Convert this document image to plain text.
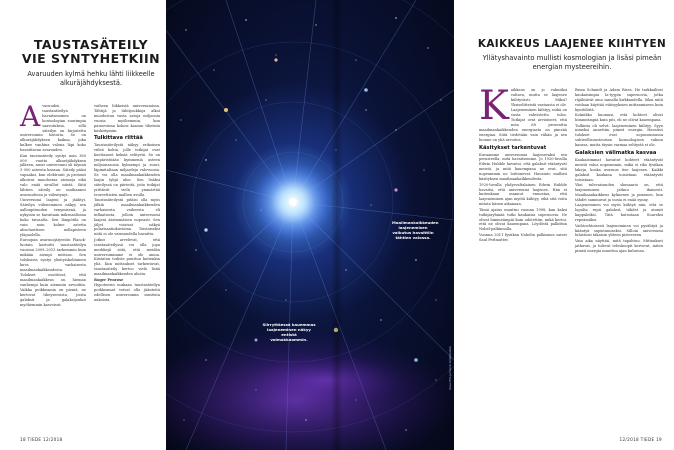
TAUSTASÄTEILY VIE SYNTYHETKIIN
Avaruuden kylmä hehku lähti liikkeelle alkuräjähdyksestä.
A varuuden taustasäteilyn havaitseminen on kosmologian suurimpia saavutuksia, sillä säteilyn on kirjoitettu universumin historia. Se on alkuräjähdyksen kaikua, joka kulkee vanhina valona läpi koko havaittavan avaruuden.
Kun taustasäteily syntyi noin 380 000 vuotta alkuräjähdyksen jälkeen, nuori universumi oli täynnä 3 000 asteista kaasua. Säteily pääsi vapaaksi, kun elektronit ja protonit alkoivat muodostaa atomeja eikä valo enää siroillut niistä. Siitä lähtien säteily on matkannut avaruudessa ja viilentynyt.
Universumi laajeni ja jäähtyi. Säteilyn viileneminen näkyy sen aallonpituuden venymisenä, ja nykyisin se havaitaan mikroaaltoina koko taivaalta. Sen lämpötila on vain noin kolme astetta absoluuttisen nollapisteen yläpuolella.
Euroopan avaruusjärjestön Planck-luotain kartoitti taustasäteilyn vuosina 2009–2013 tarkemmin kuin mikään aiempi mittaus. Sen tuloksista syntyi yksityiskohtainen kuva varhaisesta maailmankaikkeudesta.
Tulokset osoittivat, että maailmankaikkeus on hieman vanhempi kuin aiemmin arvioitiin. Vaikka poikkeamia on pieniä, ne kertovat tiheyseroista, joista galaksit ja galaksijoukot myöhemmin kasvoivat.
vaiheen liikkeistä universumissa. Tähtijä ja tähtijoukkoja alkoi muodostua vasta satoja miljoonia vuosia myöhemmin, kun painovoima kokosi kaasun tiheisiin keskittymiin.
Tulkittava riittää
Taustasäteilystä näkyy erikoinen viileä kohta, jolle tutkijat ovat koettaneet keksiä selitystä. Se on ympäristöään kymmeniä asteen miljoonasosia kylmempi ja suuri, läpimitaltaan miljardeja valovuosia. Se voi olla maailmankaikkeuden laajin tyhjä alue. Sen lisäksi säteilyssä on piirteitä, joita tutkijat yrittävät vielä ymmärtää teoreettisten mallien avulla.
Taustasäteilystä pitäisi olla myös jälkiä maailmankaikkeuden varhaisesta vaiheesta eli inflaatiosta, jolloin universumi laajeni äärimmäisen nopeasti. Sen jäljet voisivat näkyä polarisaatiokuvioina. Toistaiseksi niitä ei ole varmuudella havaittu.
Jotkut arvelevat, että taustasäteilyssä voi olla jopa merkkejä siitä, että meidän universumimme ei ole ainoa. Kiistaton todiste puuttuu kuitenkin yhä. Kun mittaukset tarkentuvat, taustasäteily kertoo vielä lisää maailmankaikkeuden alusta.
Roger Penrose
Hypoteesin mukaan taustasäteilyn poikkeamat voivat olla jäänteitä edellisen universumin mustista aukoista.
18 TIEDE 12/2018
KAIKKEUS LAAJENEE KIIHTYEN
Yllätyshavainto mullisti kosmologian ja lisäsi pimeän energian mysteereihin.
K aikkeus on jo valmiiksi valtava, mutta se laajenee kiihtyvästi. Miksi? Yksiselitteistä vastausta ei ole.
Laajeneminen kiihtyy, mikä on vasta vahvistettu tulos. Tutkijat ovat arvioineet, että noin 68 prosenttia maailmankaikkeuden energiasta on pimeää energiaa. Siitä tiedetään vain vähän ja sen luonne on yhä arvoitus.
Käsitykset tarkentuvat
Kuvaamme universumia laajenevaksi sen perusteella, mitä havaitsemme. Jo 1920-luvulla Edwin Hubble havaitsi, että galaksit etääntyvät meistä, ja mitä kauempana ne ovat, sitä nopeammin ne loittonevat. Havainto mullisti käsityksen maailmankaikkeudesta.
1920-luvulla yhdysvaltalainen Edwin Hubble havaitsi, että universumi laajenee. Hän ei kuitenkaan osannut ennustaa, että laajeneminen ajan myötä kiihtyy, eikä sitä voitu mitata hänen aikanaan.
Tämä ajatus muuttui vuonna 1998, kun kaksi tutkijaryhmää tutki kaukaisia supernovia. Ne olivat himmeämpiä kuin odotettiin, mikä kertoi, että ne olivat kauempana. Löydöstä palkittiin Nobel-palkinnolla.
Vuonna 2011 fysiikan Nobelin palkinnon saivat Saul Perlmutter,
Brian Schmidt ja Adam Riess. He tarkkailivat kaukaisimpia Ia-tyypin supernovia, jotka räjähtävät aina samalla kirkkaudella. Siksi niitä voidaan käyttää etäisyyksien mittaamiseen kuin kynttilöitä.
Kolmikko huomasi, että kohteet olivat himmeämpiä kuin piti, eli ne olivat kauempana.
Tulkinta oli selvä: laajeneminen kiihtyy. Syyn nimeksi annettiin pimeä energia. Havaitut tulokset ovat sopusoinnussa suhteellisuusteorian kosmologisen vakion kanssa, mutta täysin varmaa selitystä ei ole.
Galaksien välimatka kasvaa
Kaukaisimmat havaitut kohteet etääntyvät meistä valoa nopeammin, mikä ei riko fysiikan lakeja, koska avaruus itse laajenee. Kaikki galaksit kaukana toisistaan etääntyvät toisistaan.
Yksi tulevaisuuden skenaario on, että laajeneminen jatkuu ikuisesti. Maailmankaikkeus kylmenee ja pimenee, kun tähdet sammuvat ja uusia ei enää synny.
Laajeneminen voi myös kiihtyä niin, että se lopulta repii galaksit, tähdet ja atomit kappaleiksi. Tätä kutsutaan Suureksi repeämäksi.
Vaihtoehtoisesti laajeneminen voi pysähtyä ja kääntyä supistumiseksi. Silloin universumi luhistuisi takaisin yhteen pisteeseen.
Vain aika näyttää, mitä tapahtuu. Mittaukset jatkuvat, ja tulevat teleskoopit kertovat, miten pimeä energia muuttuu ajan kuluessa.
12/2018 TIEDE 19
Maailmankaikkeuden laajenemisen vaikutus havaittiin tähtien valossa.
Siirryttäessä kauemmas laajeneminen näkyy entistä voimakkaammin.
Kuva: ESA ja Planck Collaboration
